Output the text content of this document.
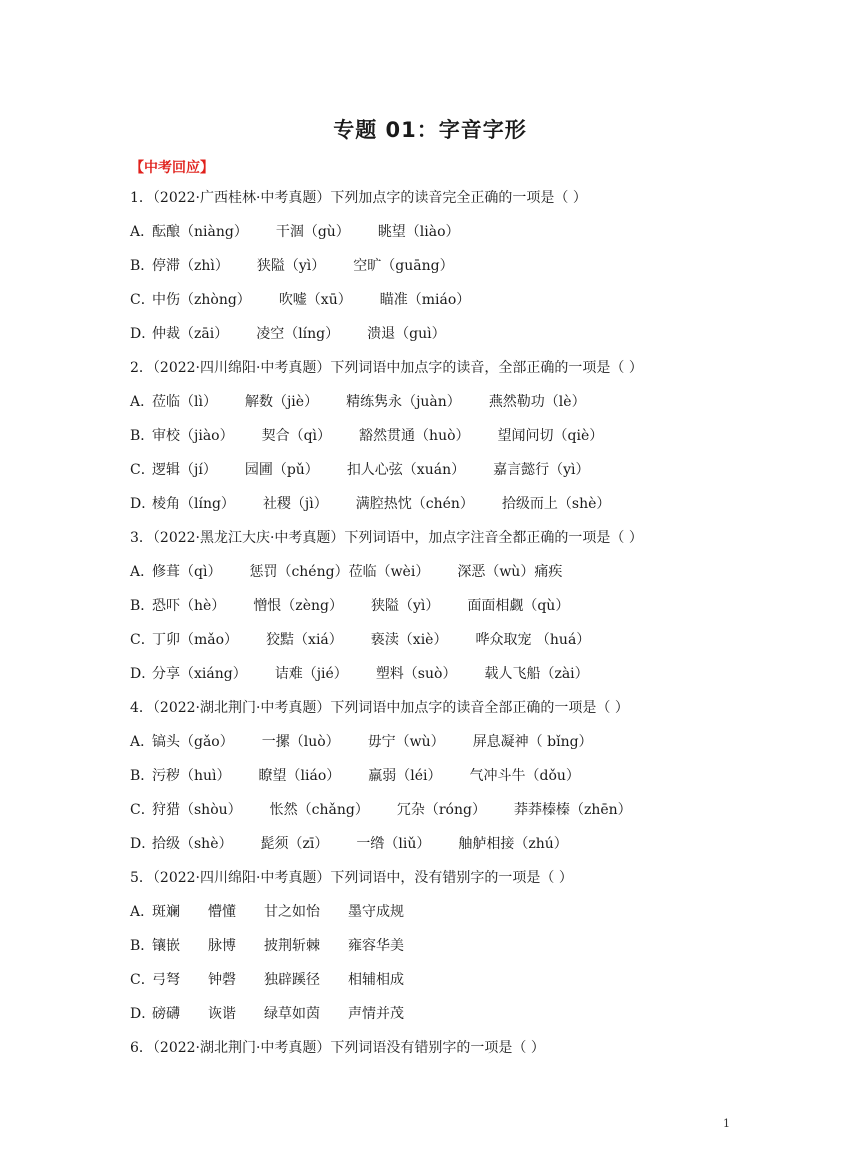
专题 01：字音字形
【中考回应】
1．（2022·广西桂林·中考真题）下列加点字的读音完全正确的一项是（ ）
A．酝酿（niàng） 干涸（gù） 眺望（liào）
B．停滞（zhì） 狭隘（yì） 空旷（guāng）
C．中伤（zhòng） 吹嘘（xū） 瞄准（miáo）
D．仲裁（zāi） 凌空（líng） 溃退（guì）
2．（2022·四川绵阳·中考真题）下列词语中加点字的读音，全部正确的一项是（ ）
A．莅临（lì） 解数（jiè） 精练隽永（juàn） 燕然勒功（lè）
B．审校（jiào） 契合（qì） 豁然贯通（huò） 望闻问切（qiè）
C．逻辑（jí） 园圃（pǔ） 扣人心弦（xuán） 嘉言懿行（yì）
D．棱角（líng） 社稷（jì） 满腔热忱（chén） 拾级而上（shè）
3．（2022·黑龙江大庆·中考真题）下列词语中，加点字注音全都正确的一项是（ ）
A．修葺（qì） 惩罚（chéng）莅临（wèi） 深恶（wù）痛疾
B．恐吓（hè） 憎恨（zèng） 狭隘（yì） 面面相觑（qù）
C．丁卯（mǎo） 狡黠（xiá） 亵渎（xiè） 哗众取宠 （huá）
D．分享（xiáng） 诘难（jié） 塑料（suò） 载人飞船（zài）
4．（2022·湖北荆门·中考真题）下列词语中加点字的读音全部正确的一项是（ ）
A．镐头（gǎo） 一摞（luò） 毋宁（wù） 屏息凝神（ bǐng）
B．污秽（huì） 瞭望（liáo） 羸弱（léi） 气冲斗牛（dǒu）
C．狩猎（shòu） 怅然（chǎng） 冗杂（róng） 莽莽榛榛（zhēn）
D．拾级（shè） 髭须（zī） 一绺（liǔ） 舳舻相接（zhú）
5．（2022·四川绵阳·中考真题）下列词语中，没有错别字的一项是（ ）
A．斑斓 懵懂 甘之如怡 墨守成规
B．镶嵌 脉博 披荆斩棘 雍容华美
C．弓弩 钟磬 独辟蹊径 相辅相成
D．磅礴 诙谐 绿草如茵 声情并茂
6．（2022·湖北荆门·中考真题）下列词语没有错别字的一项是（ ）
1
